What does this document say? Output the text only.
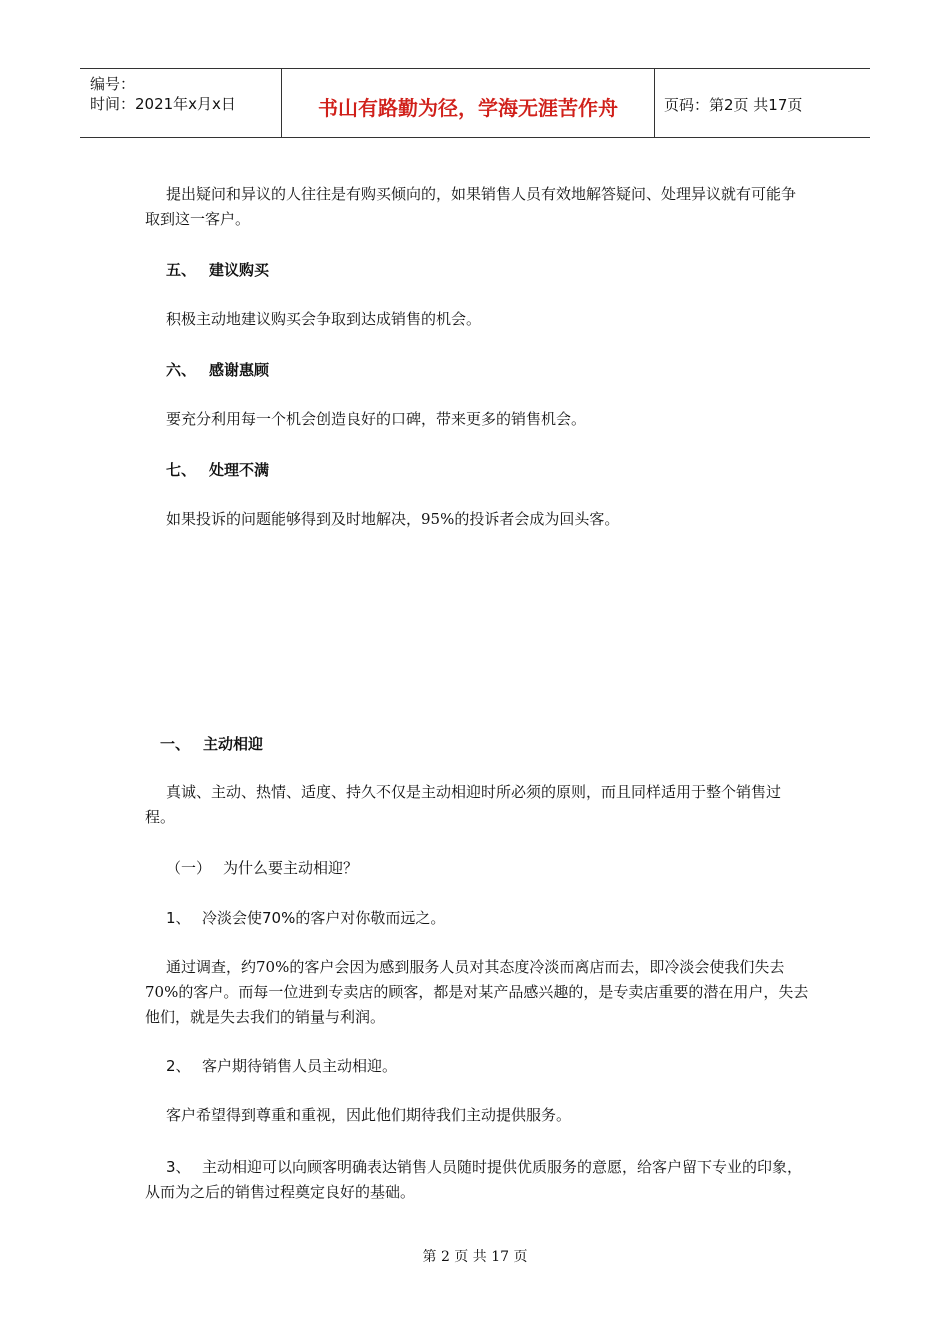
编号：
时间：2021年x月x日	书山有路勤为径，学海无涯苦作舟	页码：第2页 共17页

提出疑问和异议的人往往是有购买倾向的，如果销售人员有效地解答疑问、处理异议就有可能争取到这一客户。

五、 建议购买

积极主动地建议购买会争取到达成销售的机会。

六、 感谢惠顾

要充分利用每一个机会创造良好的口碑，带来更多的销售机会。

七、 处理不满

如果投诉的问题能够得到及时地解决，95%的投诉者会成为回头客。

一、 主动相迎

真诚、主动、热情、适度、持久不仅是主动相迎时所必须的原则，而且同样适用于整个销售过程。

（一） 为什么要主动相迎？

1、 冷淡会使70%的客户对你敬而远之。

通过调查，约70%的客户会因为感到服务人员对其态度冷淡而离店而去，即冷淡会使我们失去70%的客户。而每一位进到专卖店的顾客，都是对某产品感兴趣的，是专卖店重要的潜在用户，失去他们，就是失去我们的销量与利润。

2、 客户期待销售人员主动相迎。

客户希望得到尊重和重视，因此他们期待我们主动提供服务。

3、 主动相迎可以向顾客明确表达销售人员随时提供优质服务的意愿，给客户留下专业的印象，从而为之后的销售过程奠定良好的基础。

第 2 页 共 17 页
